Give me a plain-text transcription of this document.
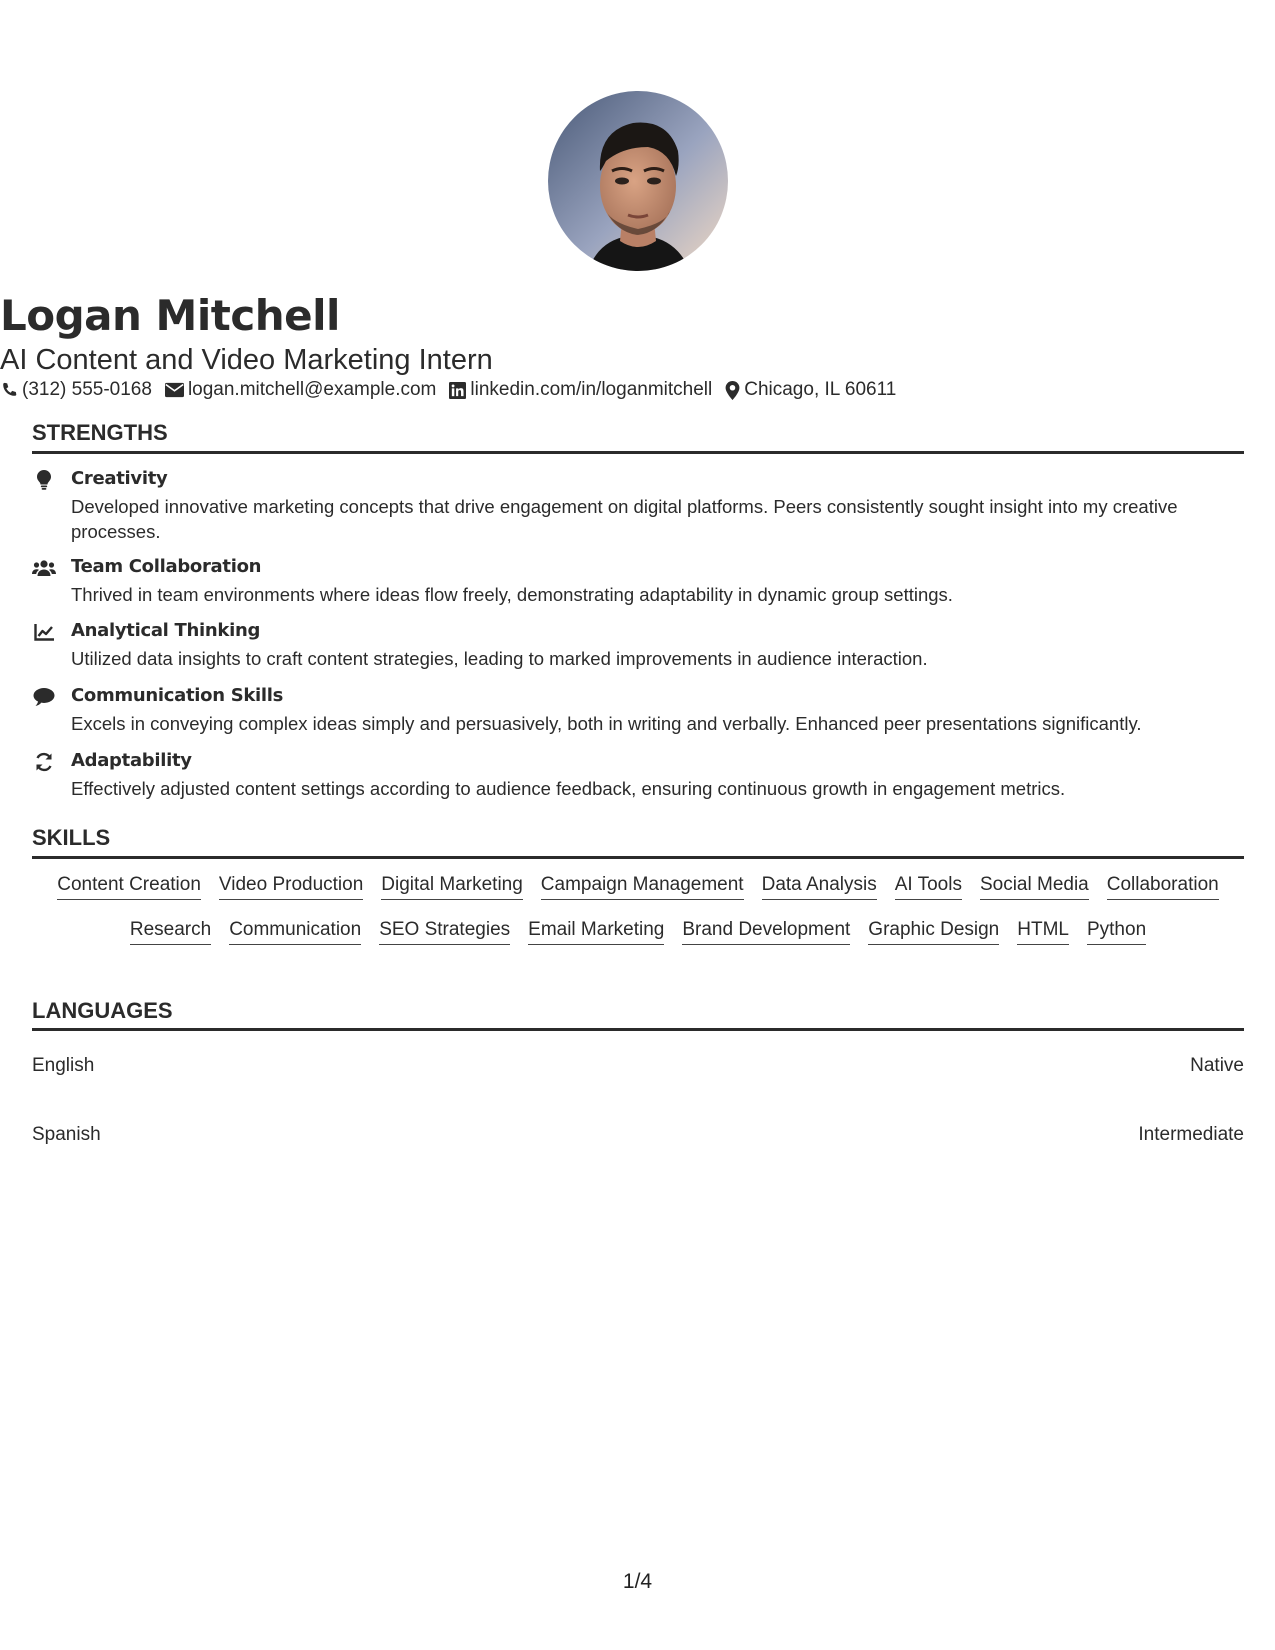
Logan Mitchell
AI Content and Video Marketing Intern
(312) 555-0168 logan.mitchell@example.com linkedin.com/in/loganmitchell Chicago, IL 60611
STRENGTHS
Creativity
Developed innovative marketing concepts that drive engagement on digital platforms. Peers consistently sought insight into my creative processes.
Team Collaboration
Thrived in team environments where ideas flow freely, demonstrating adaptability in dynamic group settings.
Analytical Thinking
Utilized data insights to craft content strategies, leading to marked improvements in audience interaction.
Communication Skills
Excels in conveying complex ideas simply and persuasively, both in writing and verbally. Enhanced peer presentations significantly.
Adaptability
Effectively adjusted content settings according to audience feedback, ensuring continuous growth in engagement metrics.
SKILLS
Content Creation Video Production Digital Marketing Campaign Management Data Analysis AI Tools Social Media Collaboration
Research Communication SEO Strategies Email Marketing Brand Development Graphic Design HTML Python
LANGUAGES
English	Native
Spanish	Intermediate
1/4
